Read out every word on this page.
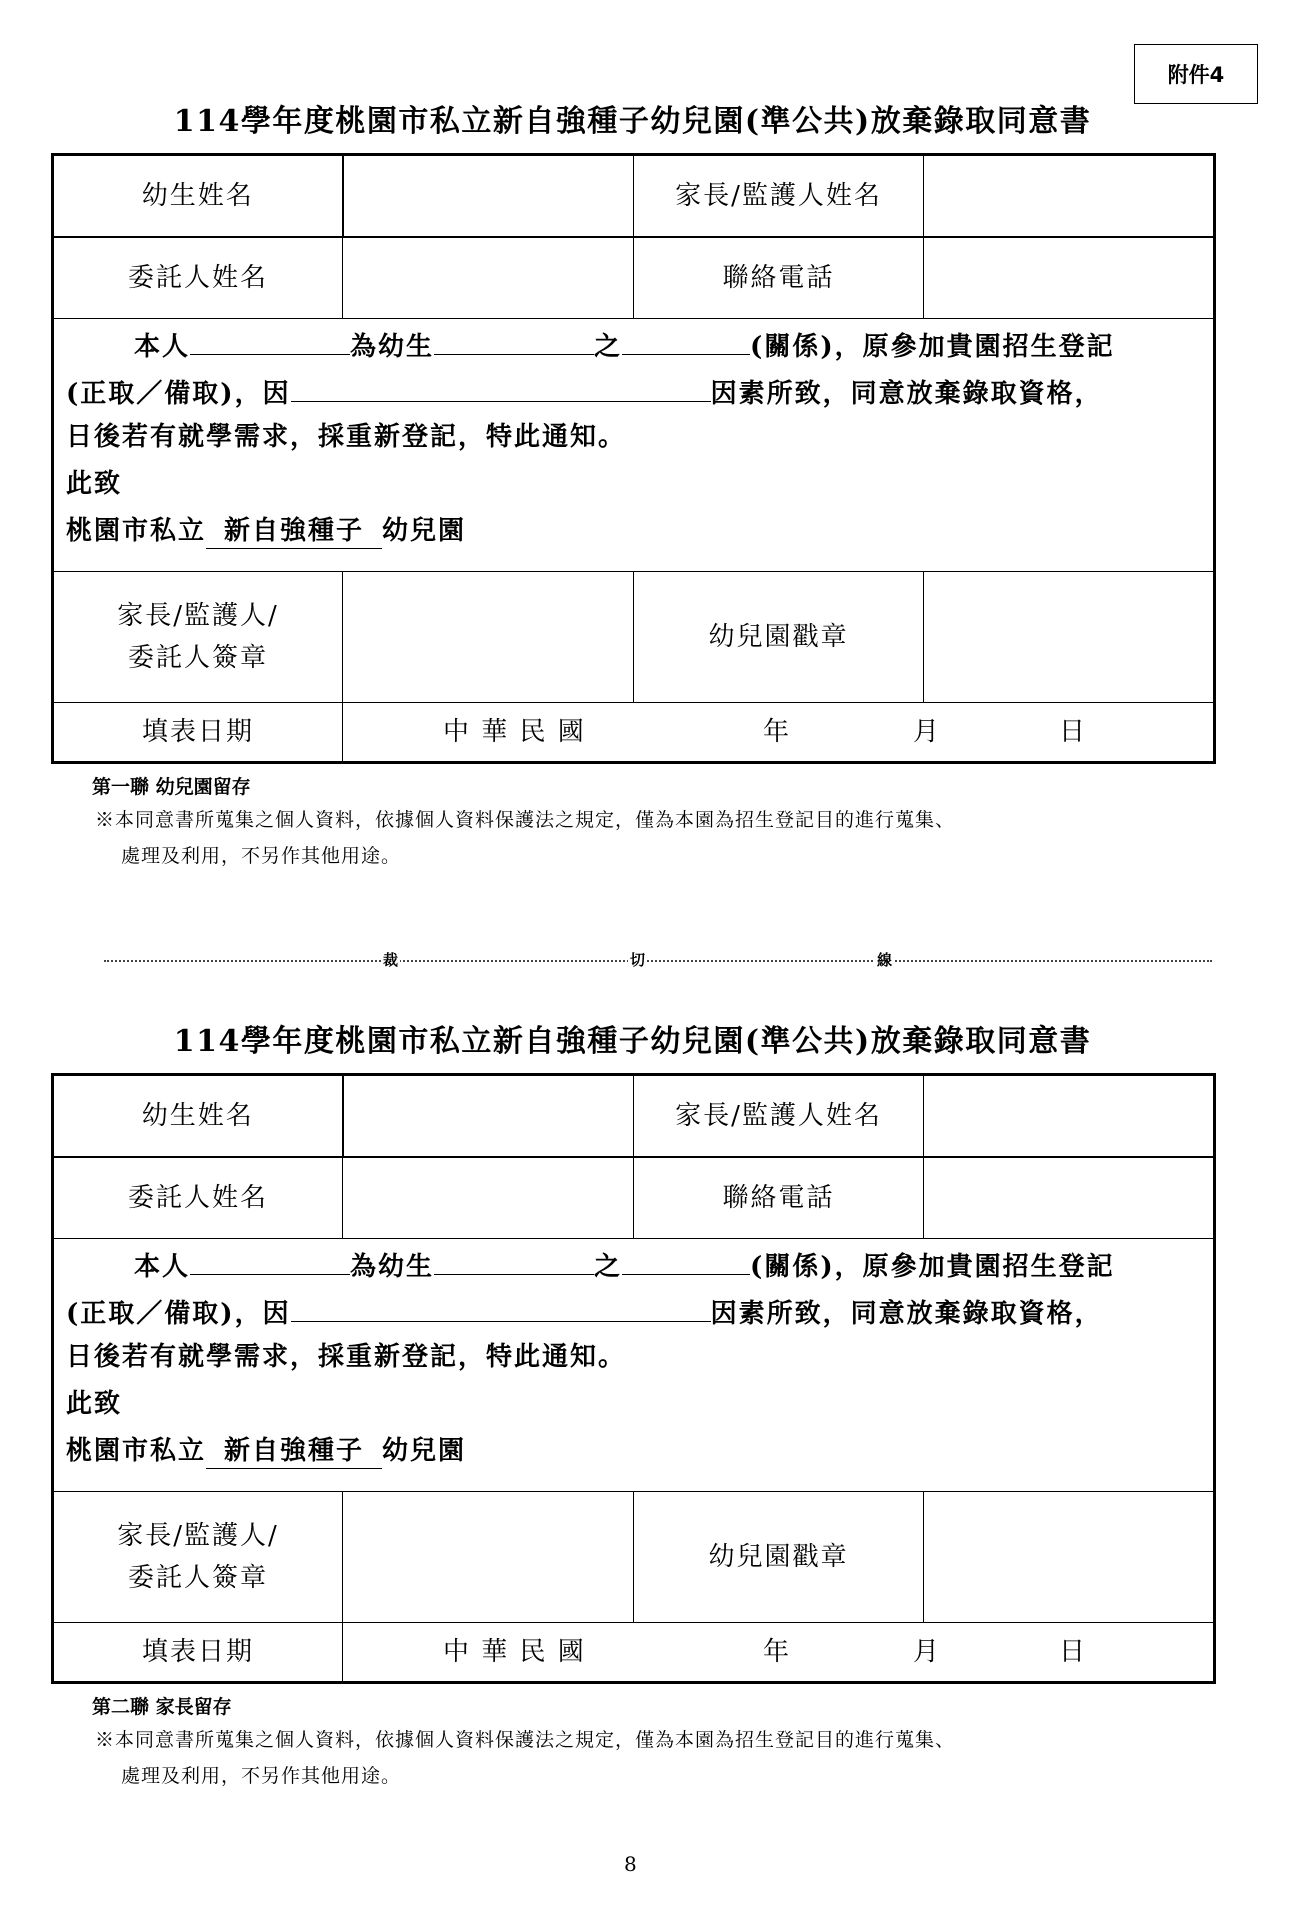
附件4
114學年度桃園市私立新自強種子幼兒園(準公共)放棄錄取同意書
幼生姓名		家長/監護人姓名	
委託人姓名		聯絡電話	

本人 為幼生 之 (關係)，原參加貴園招生登記
(正取／備取)，因 因素所致，同意放棄錄取資格，
日後若有就學需求，採重新登記，特此通知。
此致
桃園市私立 新自強種子 幼兒園			

家長/監護人/
委託人簽章		幼兒園戳章	
填表日期	中 華 民 國 年 月 日		
第一聯 幼兒園留存
※本同意書所蒐集之個人資料，依據個人資料保護法之規定，僅為本園為招生登記目的進行蒐集、
處理及利用，不另作其他用途。
裁	切	線
114學年度桃園市私立新自強種子幼兒園(準公共)放棄錄取同意書
幼生姓名		家長/監護人姓名	
委託人姓名		聯絡電話	

本人 為幼生 之 (關係)，原參加貴園招生登記
(正取／備取)，因 因素所致，同意放棄錄取資格，
日後若有就學需求，採重新登記，特此通知。
此致
桃園市私立 新自強種子 幼兒園			

家長/監護人/
委託人簽章		幼兒園戳章	
填表日期	中 華 民 國 年 月 日		
第二聯 家長留存
※本同意書所蒐集之個人資料，依據個人資料保護法之規定，僅為本園為招生登記目的進行蒐集、
處理及利用，不另作其他用途。
8
